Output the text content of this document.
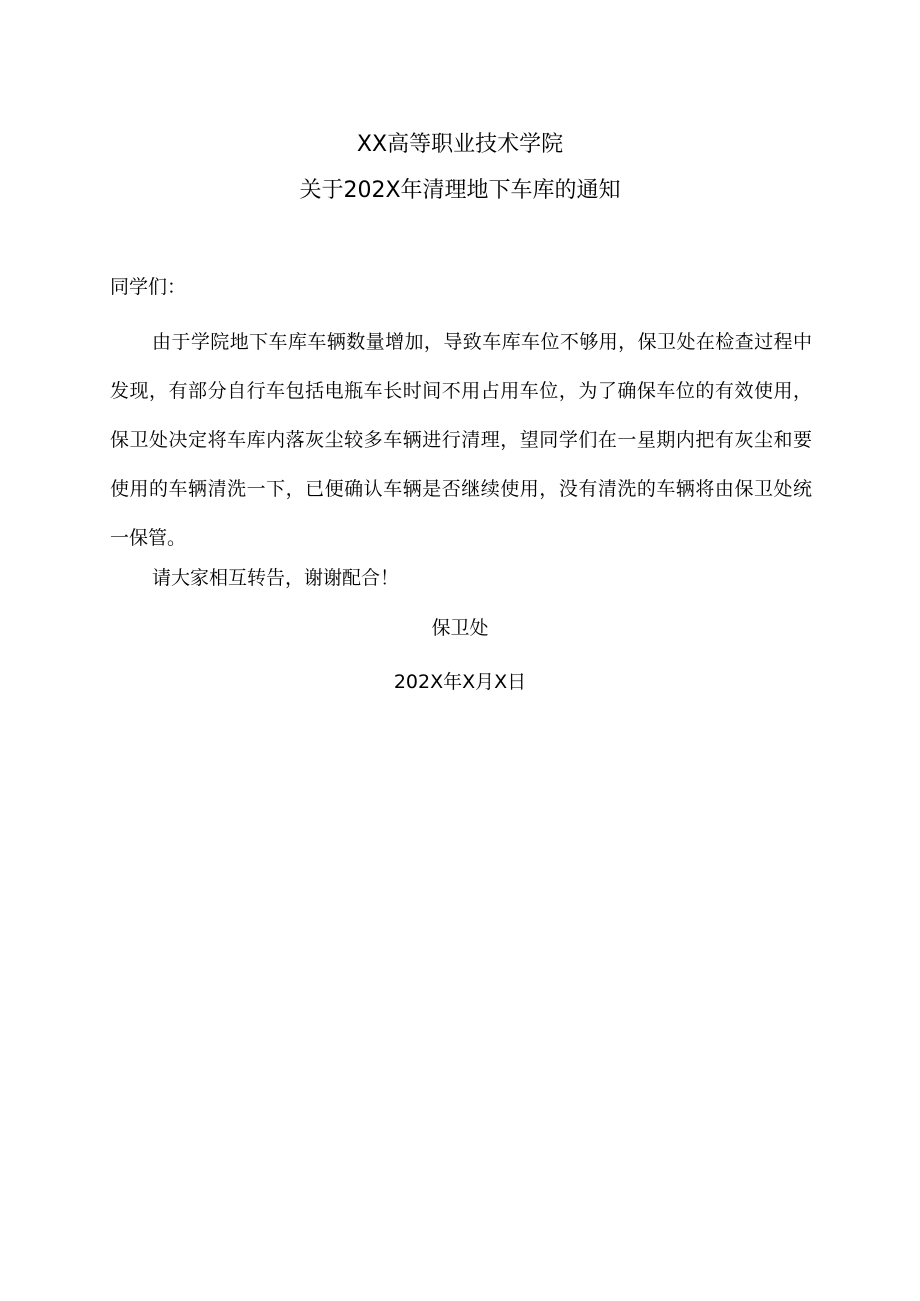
XX高等职业技术学院
关于202X年清理地下车库的通知
同学们：
由于学院地下车库车辆数量增加，导致车库车位不够用，保卫处在检查过程中发现，有部分自行车包括电瓶车长时间不用占用车位，为了确保车位的有效使用，保卫处决定将车库内落灰尘较多车辆进行清理，望同学们在一星期内把有灰尘和要使用的车辆清洗一下，已便确认车辆是否继续使用，没有清洗的车辆将由保卫处统一保管。
请大家相互转告，谢谢配合！
保卫处
202X年X月X日
